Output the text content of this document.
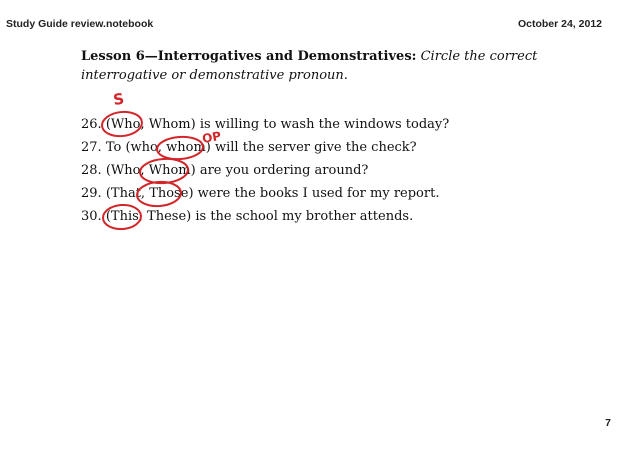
Study Guide review.notebook	October 24, 2012
Lesson 6—Interrogatives and Demonstratives: Circle the correct interrogative or demonstrative pronoun.
26. (Who, Whom) is willing to wash the windows today?
27. To (who, whom) will the server give the check?
28. (Who, Whom) are you ordering around?
29. (That, Those) were the books I used for my report.
30. (This, These) is the school my brother attends.
S
OP
7
